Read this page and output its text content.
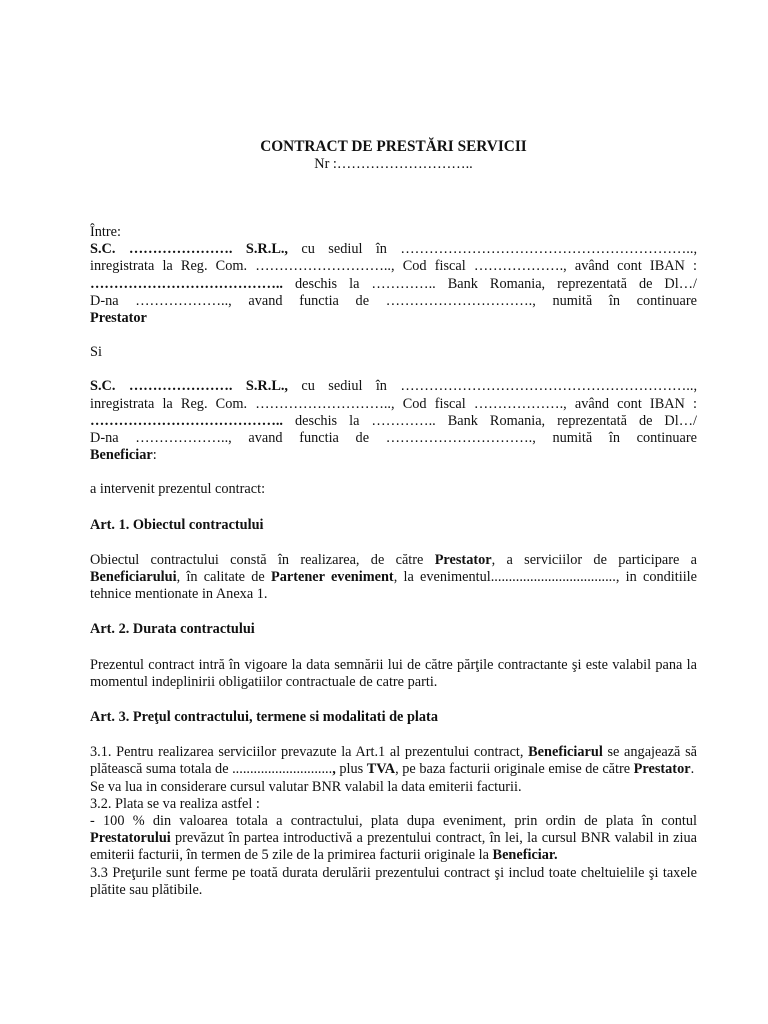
CONTRACT DE PRESTĂRI SERVICII
Nr :………………………..

Între:

S.C. …………………. S.R.L., cu sediul în ……………………………………………………..,

inregistrata la Reg. Com. ……………………….., Cod fiscal ………………., având cont IBAN :

………………………………….. deschis la ………….. Bank Romania, reprezentată de Dl…/

D-na ……………….., avand functia de …………………………., numită în continuare

Prestator

Si

S.C. …………………. S.R.L., cu sediul în ……………………………………………………..,

inregistrata la Reg. Com. ……………………….., Cod fiscal ………………., având cont IBAN :

………………………………….. deschis la ………….. Bank Romania, reprezentată de Dl…/

D-na ……………….., avand functia de …………………………., numită în continuare

Beneficiar:

a intervenit prezentul contract:

Art. 1. Obiectul contractului

Obiectul contractului constă în realizarea, de către Prestator, a serviciilor de participare a Beneficiarului, în calitate de Partener eveniment, la evenimentul..................................., in conditiile tehnice mentionate in Anexa 1.

Art. 2. Durata contractului

Prezentul contract intră în vigoare la data semnării lui de către părţile contractante şi este valabil pana la momentul indeplinirii obligatiilor contractuale de catre parti.

Art. 3. Preţul contractului, termene si modalitati de plata

3.1. Pentru realizarea serviciilor prevazute la Art.1 al prezentului contract, Beneficiarul se angajează să plătească suma totala de ............................, plus TVA, pe baza facturii originale emise de către Prestator.

Se va lua in considerare cursul valutar BNR valabil la data emiterii facturii.

3.2. Plata se va realiza astfel :

- 100 % din valoarea totala a contractului, plata dupa eveniment, prin ordin de plata în contul Prestatorului prevăzut în partea introductivă a prezentului contract, în lei, la cursul BNR valabil in ziua emiterii facturii, în termen de 5 zile de la primirea facturii originale la Beneficiar.

3.3 Preţurile sunt ferme pe toată durata derulării prezentului contract şi includ toate cheltuielile şi taxele plătite sau plătibile.
